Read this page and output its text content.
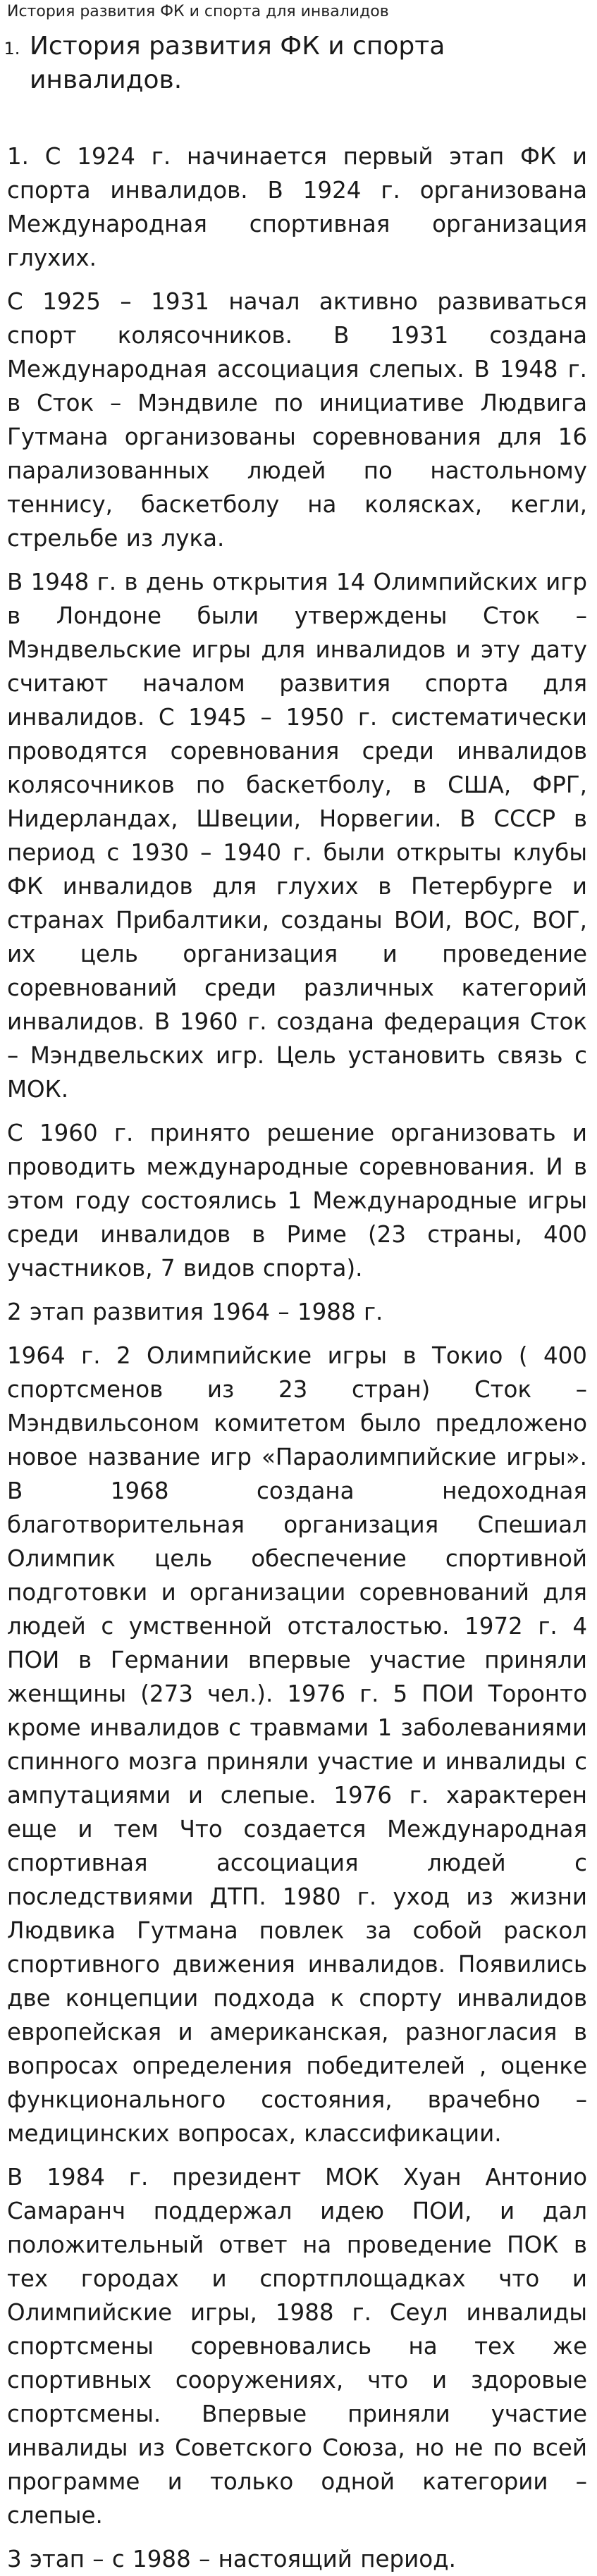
История развития ФК и спорта для инвалидов
1. История развития ФК и спорта инвалидов.

1. С 1924 г. начинается первый этап ФК и спорта инвалидов. В 1924 г. организована Международная спортивная организация глухих.

С 1925 – 1931 начал активно развиваться спорт колясочников. В 1931 создана Международная ассоциация слепых. В 1948 г. в Сток – Мэндвиле по инициативе Людвига Гутмана организованы соревнования для 16 парализованных людей по настольному теннису, баскетболу на колясках, кегли, стрельбе из лука.

В 1948 г. в день открытия 14 Олимпийских игр в Лондоне были утверждены Сток – Мэндвельские игры для инвалидов и эту дату считают началом развития спорта для инвалидов. С 1945 – 1950 г. систематически проводятся соревнования среди инвалидов колясочников по баскетболу, в США, ФРГ, Нидерландах, Швеции, Норвегии. В СССР в период с 1930 – 1940 г. были открыты клубы ФК инвалидов для глухих в Петербурге и странах Прибалтики, созданы ВОИ, ВОС, ВОГ, их цель организация и проведение соревнований среди различных категорий инвалидов. В 1960 г. создана федерация Сток – Мэндвельских игр. Цель установить связь с МОК.

С 1960 г. принято решение организовать и проводить международные соревнования. И в этом году состоялись 1 Международные игры среди инвалидов в Риме (23 страны, 400 участников, 7 видов спорта).

2 этап развития 1964 – 1988 г.

1964 г. 2 Олимпийские игры в Токио ( 400 спортсменов из 23 стран) Сток – Мэндвильсоном комитетом было предложено новое название игр «Параолимпийские игры». В 1968 создана недоходная благотворительная организация Спешиал Олимпик цель обеспечение спортивной подготовки и организации соревнований для людей с умственной отсталостью. 1972 г. 4 ПОИ в Германии впервые участие приняли женщины (273 чел.). 1976 г. 5 ПОИ Торонто кроме инвалидов с травмами 1 заболеваниями спинного мозга приняли участие и инвалиды с ампутациями и слепые. 1976 г. характерен еще и тем Что создается Международная спортивная ассоциация людей с последствиями ДТП. 1980 г. уход из жизни Людвика Гутмана повлек за собой раскол спортивного движения инвалидов. Появились две концепции подхода к спорту инвалидов европейская и американская, разногласия в вопросах определения победителей , оценке функционального состояния, врачебно – медицинских вопросах, классификации.

В 1984 г. президент МОК Хуан Антонио Самаранч поддержал идею ПОИ, и дал положительный ответ на проведение ПОК в тех городах и спортплощадках что и Олимпийские игры, 1988 г. Сеул инвалиды спортсмены соревновались на тех же спортивных сооружениях, что и здоровые спортсмены. Впервые приняли участие инвалиды из Советского Союза, но не по всей программе и только одной категории – слепые.

3 этап – с 1988 – настоящий период.
